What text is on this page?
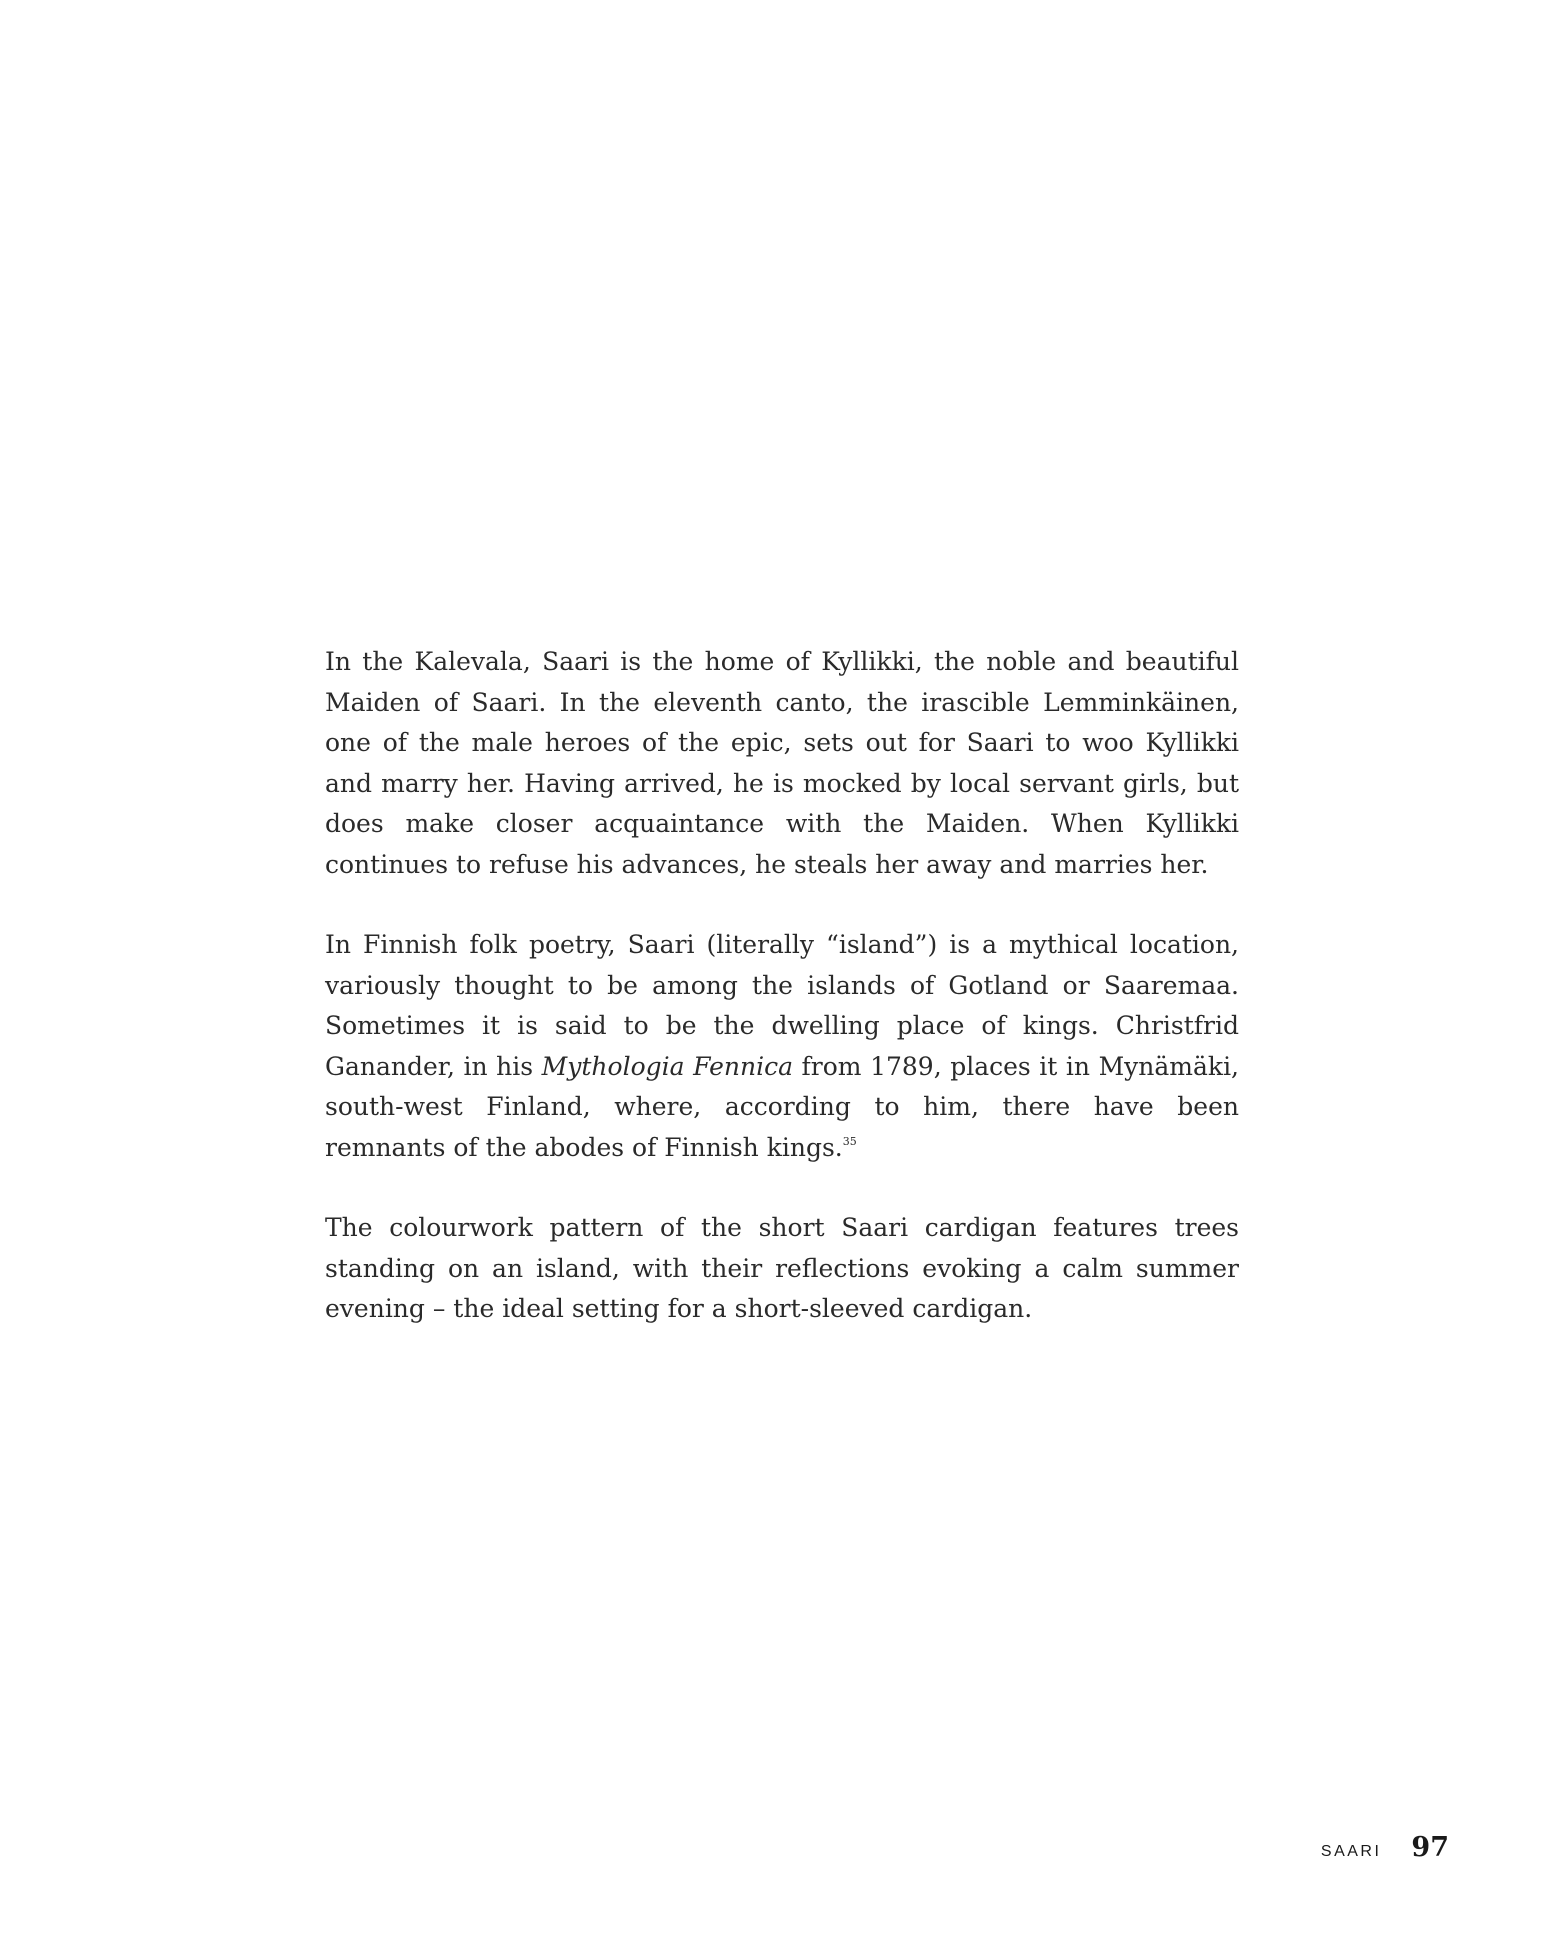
In the Kalevala, Saari is the home of Kyllikki, the noble and beautiful Maiden of Saari. In the eleventh canto, the irascible Lemminkäinen, one of the male heroes of the epic, sets out for Saari to woo Kyllikki and marry her. Having arrived, he is mocked by local servant girls, but does make closer acquaintance with the Maiden. When Kyllikki continues to refuse his advances, he steals her away and marries her.

In Finnish folk poetry, Saari (literally “island”) is a mythical location, variously thought to be among the islands of Gotland or Saaremaa. Sometimes it is said to be the dwelling place of kings. Christfrid Ganander, in his Mythologia Fennica from 1789, places it in Mynämäki, south-west Finland, where, according to him, there have been remnants of the abodes of Finnish kings.$^{35}$

The colourwork pattern of the short Saari cardigan features trees standing on an island, with their reflections evoking a calm summer evening – the ideal setting for a short-sleeved cardigan.

SAARI 97
